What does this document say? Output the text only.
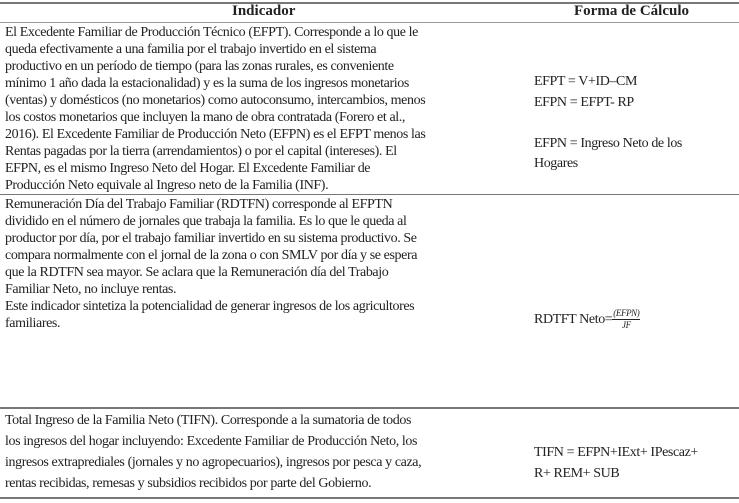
Indicador	Forma de Cálculo
El Excedente Familiar de Producción Técnico (EFPT). Corresponde a lo que le
queda efectivamente a una familia por el trabajo invertido en el sistema
productivo en un período de tiempo (para las zonas rurales, es conveniente
mínimo 1 año dada la estacionalidad) y es la suma de los ingresos monetarios
(ventas) y domésticos (no monetarios) como autoconsumo, intercambios, menos
los costos monetarios que incluyen la mano de obra contratada (Forero et al.,
2016). El Excedente Familiar de Producción Neto (EFPN) es el EFPT menos las
Rentas pagadas por la tierra (arrendamientos) o por el capital (intereses). El
EFPN, es el mismo Ingreso Neto del Hogar. El Excedente Familiar de
Producción Neto equivale al Ingreso neto de la Familia (INF).
EFPT = V+ID–CM
EFPN = EFPT- RP
EFPN = Ingreso Neto de los
Hogares
Remuneración Día del Trabajo Familiar (RDTFN) corresponde al EFPTN
dividido en el número de jornales que trabaja la familia. Es lo que le queda al
productor por día, por el trabajo familiar invertido en su sistema productivo. Se
compara normalmente con el jornal de la zona o con SMLV por día y se espera
que la RDTFN sea mayor. Se aclara que la Remuneración día del Trabajo
Familiar Neto, no incluye rentas.
Este indicador sintetiza la potencialidad de generar ingresos de los agricultores
familiares.	RDTFT Neto= $\frac{\text{(EFPN)}}{JF}$
Total Ingreso de la Familia Neto (TIFN). Corresponde a la sumatoria de todos
los ingresos del hogar incluyendo: Excedente Familiar de Producción Neto, los
ingresos extraprediales (jornales y no agropecuarios), ingresos por pesca y caza,
rentas recibidas, remesas y subsidios recibidos por parte del Gobierno.
TIFN = EFPN+IExt+ IPescaz+
R+ REM+ SUB
